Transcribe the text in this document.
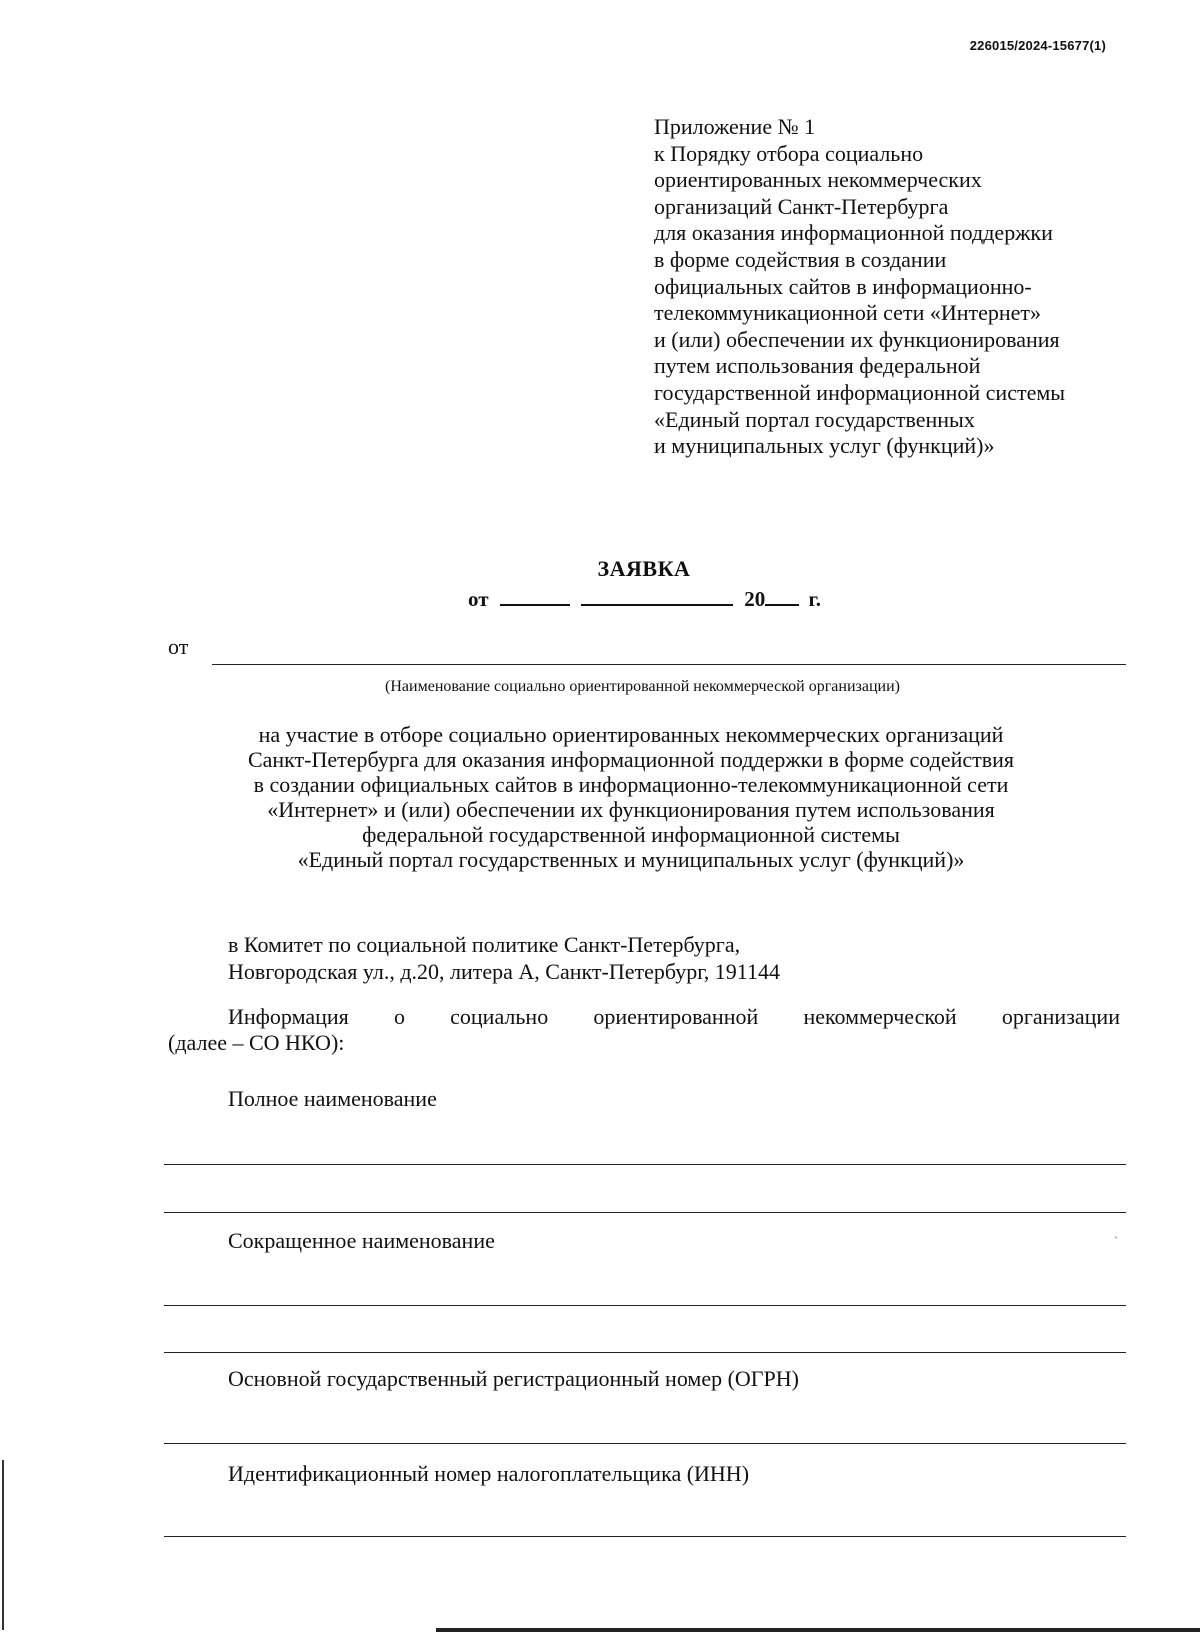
226015/2024-15677(1)
Приложение № 1
к Порядку отбора социально
ориентированных некоммерческих
организаций Санкт-Петербурга
для оказания информационной поддержки
в форме содействия в создании
официальных сайтов в информационно-
телекоммуникационной сети «Интернет»
и (или) обеспечении их функционирования
путем использования федеральной
государственной информационной системы
«Единый портал государственных
и муниципальных услуг (функций)»
ЗАЯВКА
от	20 г.
от
(Наименование социально ориентированной некоммерческой организации)
на участие в отборе социально ориентированных некоммерческих организаций
Санкт-Петербурга для оказания информационной поддержки в форме содействия
в создании официальных сайтов в информационно-телекоммуникационной сети
«Интернет» и (или) обеспечении их функционирования путем использования
федеральной государственной информационной системы
«Единый портал государственных и муниципальных услуг (функций)»
в Комитет по социальной политике Санкт-Петербурга,
Новгородская ул., д.20, литера А, Санкт-Петербург, 191144
Информация о социально ориентированной некоммерческой организации
(далее – СО НКО):
Полное наименование
Сокращенное наименование	ˎ
Основной государственный регистрационный номер (ОГРН)
Идентификационный номер налогоплательщика (ИНН)
